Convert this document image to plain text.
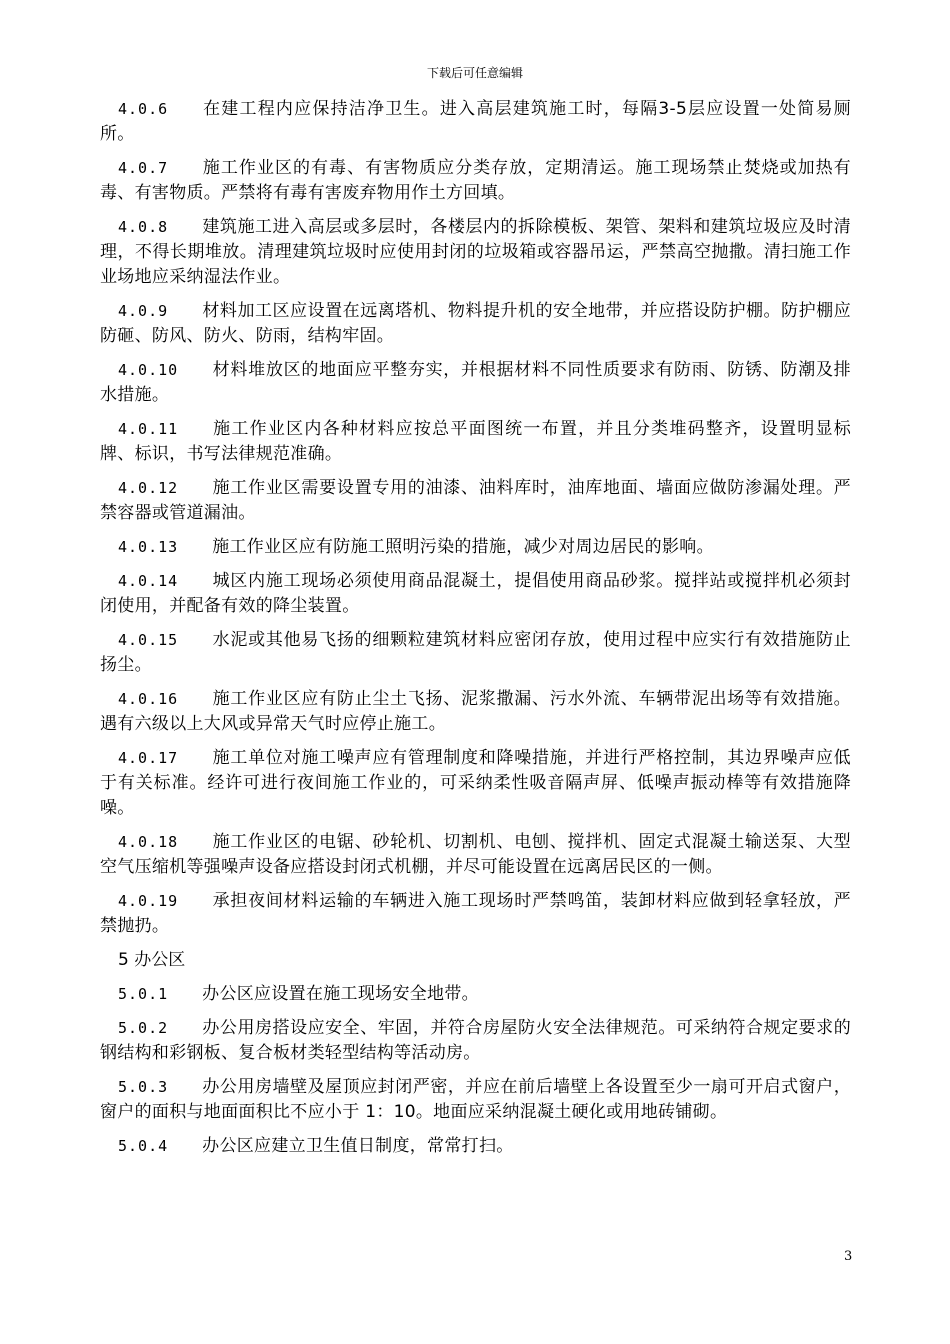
下载后可任意编辑

4.0.6 在建工程内应保持洁净卫生。进入高层建筑施工时，每隔3-5层应设置一处简易厕所。

4.0.7 施工作业区的有毒、有害物质应分类存放，定期清运。施工现场禁止焚烧或加热有毒、有害物质。严禁将有毒有害废弃物用作土方回填。

4.0.8 建筑施工进入高层或多层时，各楼层内的拆除模板、架管、架料和建筑垃圾应及时清理，不得长期堆放。清理建筑垃圾时应使用封闭的垃圾箱或容器吊运，严禁高空抛撒。清扫施工作业场地应采纳湿法作业。

4.0.9 材料加工区应设置在远离塔机、物料提升机的安全地带，并应搭设防护棚。防护棚应防砸、防风、防火、防雨，结构牢固。

4.0.10 材料堆放区的地面应平整夯实，并根据材料不同性质要求有防雨、防锈、防潮及排水措施。

4.0.11 施工作业区内各种材料应按总平面图统一布置，并且分类堆码整齐，设置明显标牌、标识，书写法律规范准确。

4.0.12 施工作业区需要设置专用的油漆、油料库时，油库地面、墙面应做防渗漏处理。严禁容器或管道漏油。

4.0.13 施工作业区应有防施工照明污染的措施，减少对周边居民的影响。

4.0.14 城区内施工现场必须使用商品混凝土，提倡使用商品砂浆。搅拌站或搅拌机必须封闭使用，并配备有效的降尘装置。

4.0.15 水泥或其他易飞扬的细颗粒建筑材料应密闭存放，使用过程中应实行有效措施防止扬尘。

4.0.16 施工作业区应有防止尘土飞扬、泥浆撒漏、污水外流、车辆带泥出场等有效措施。遇有六级以上大风或异常天气时应停止施工。

4.0.17 施工单位对施工噪声应有管理制度和降噪措施，并进行严格控制，其边界噪声应低于有关标准。经许可进行夜间施工作业的，可采纳柔性吸音隔声屏、低噪声振动棒等有效措施降噪。

4.0.18 施工作业区的电锯、砂轮机、切割机、电刨、搅拌机、固定式混凝土输送泵、大型空气压缩机等强噪声设备应搭设封闭式机棚，并尽可能设置在远离居民区的一侧。

4.0.19 承担夜间材料运输的车辆进入施工现场时严禁鸣笛，装卸材料应做到轻拿轻放，严禁抛扔。

5 办公区

5.0.1 办公区应设置在施工现场安全地带。

5.0.2 办公用房搭设应安全、牢固，并符合房屋防火安全法律规范。可采纳符合规定要求的钢结构和彩钢板、复合板材类轻型结构等活动房。

5.0.3 办公用房墙壁及屋顶应封闭严密，并应在前后墙壁上各设置至少一扇可开启式窗户， 窗户的面积与地面面积比不应小于 1：10。地面应采纳混凝土硬化或用地砖铺砌。

5.0.4 办公区应建立卫生值日制度，常常打扫。

3
